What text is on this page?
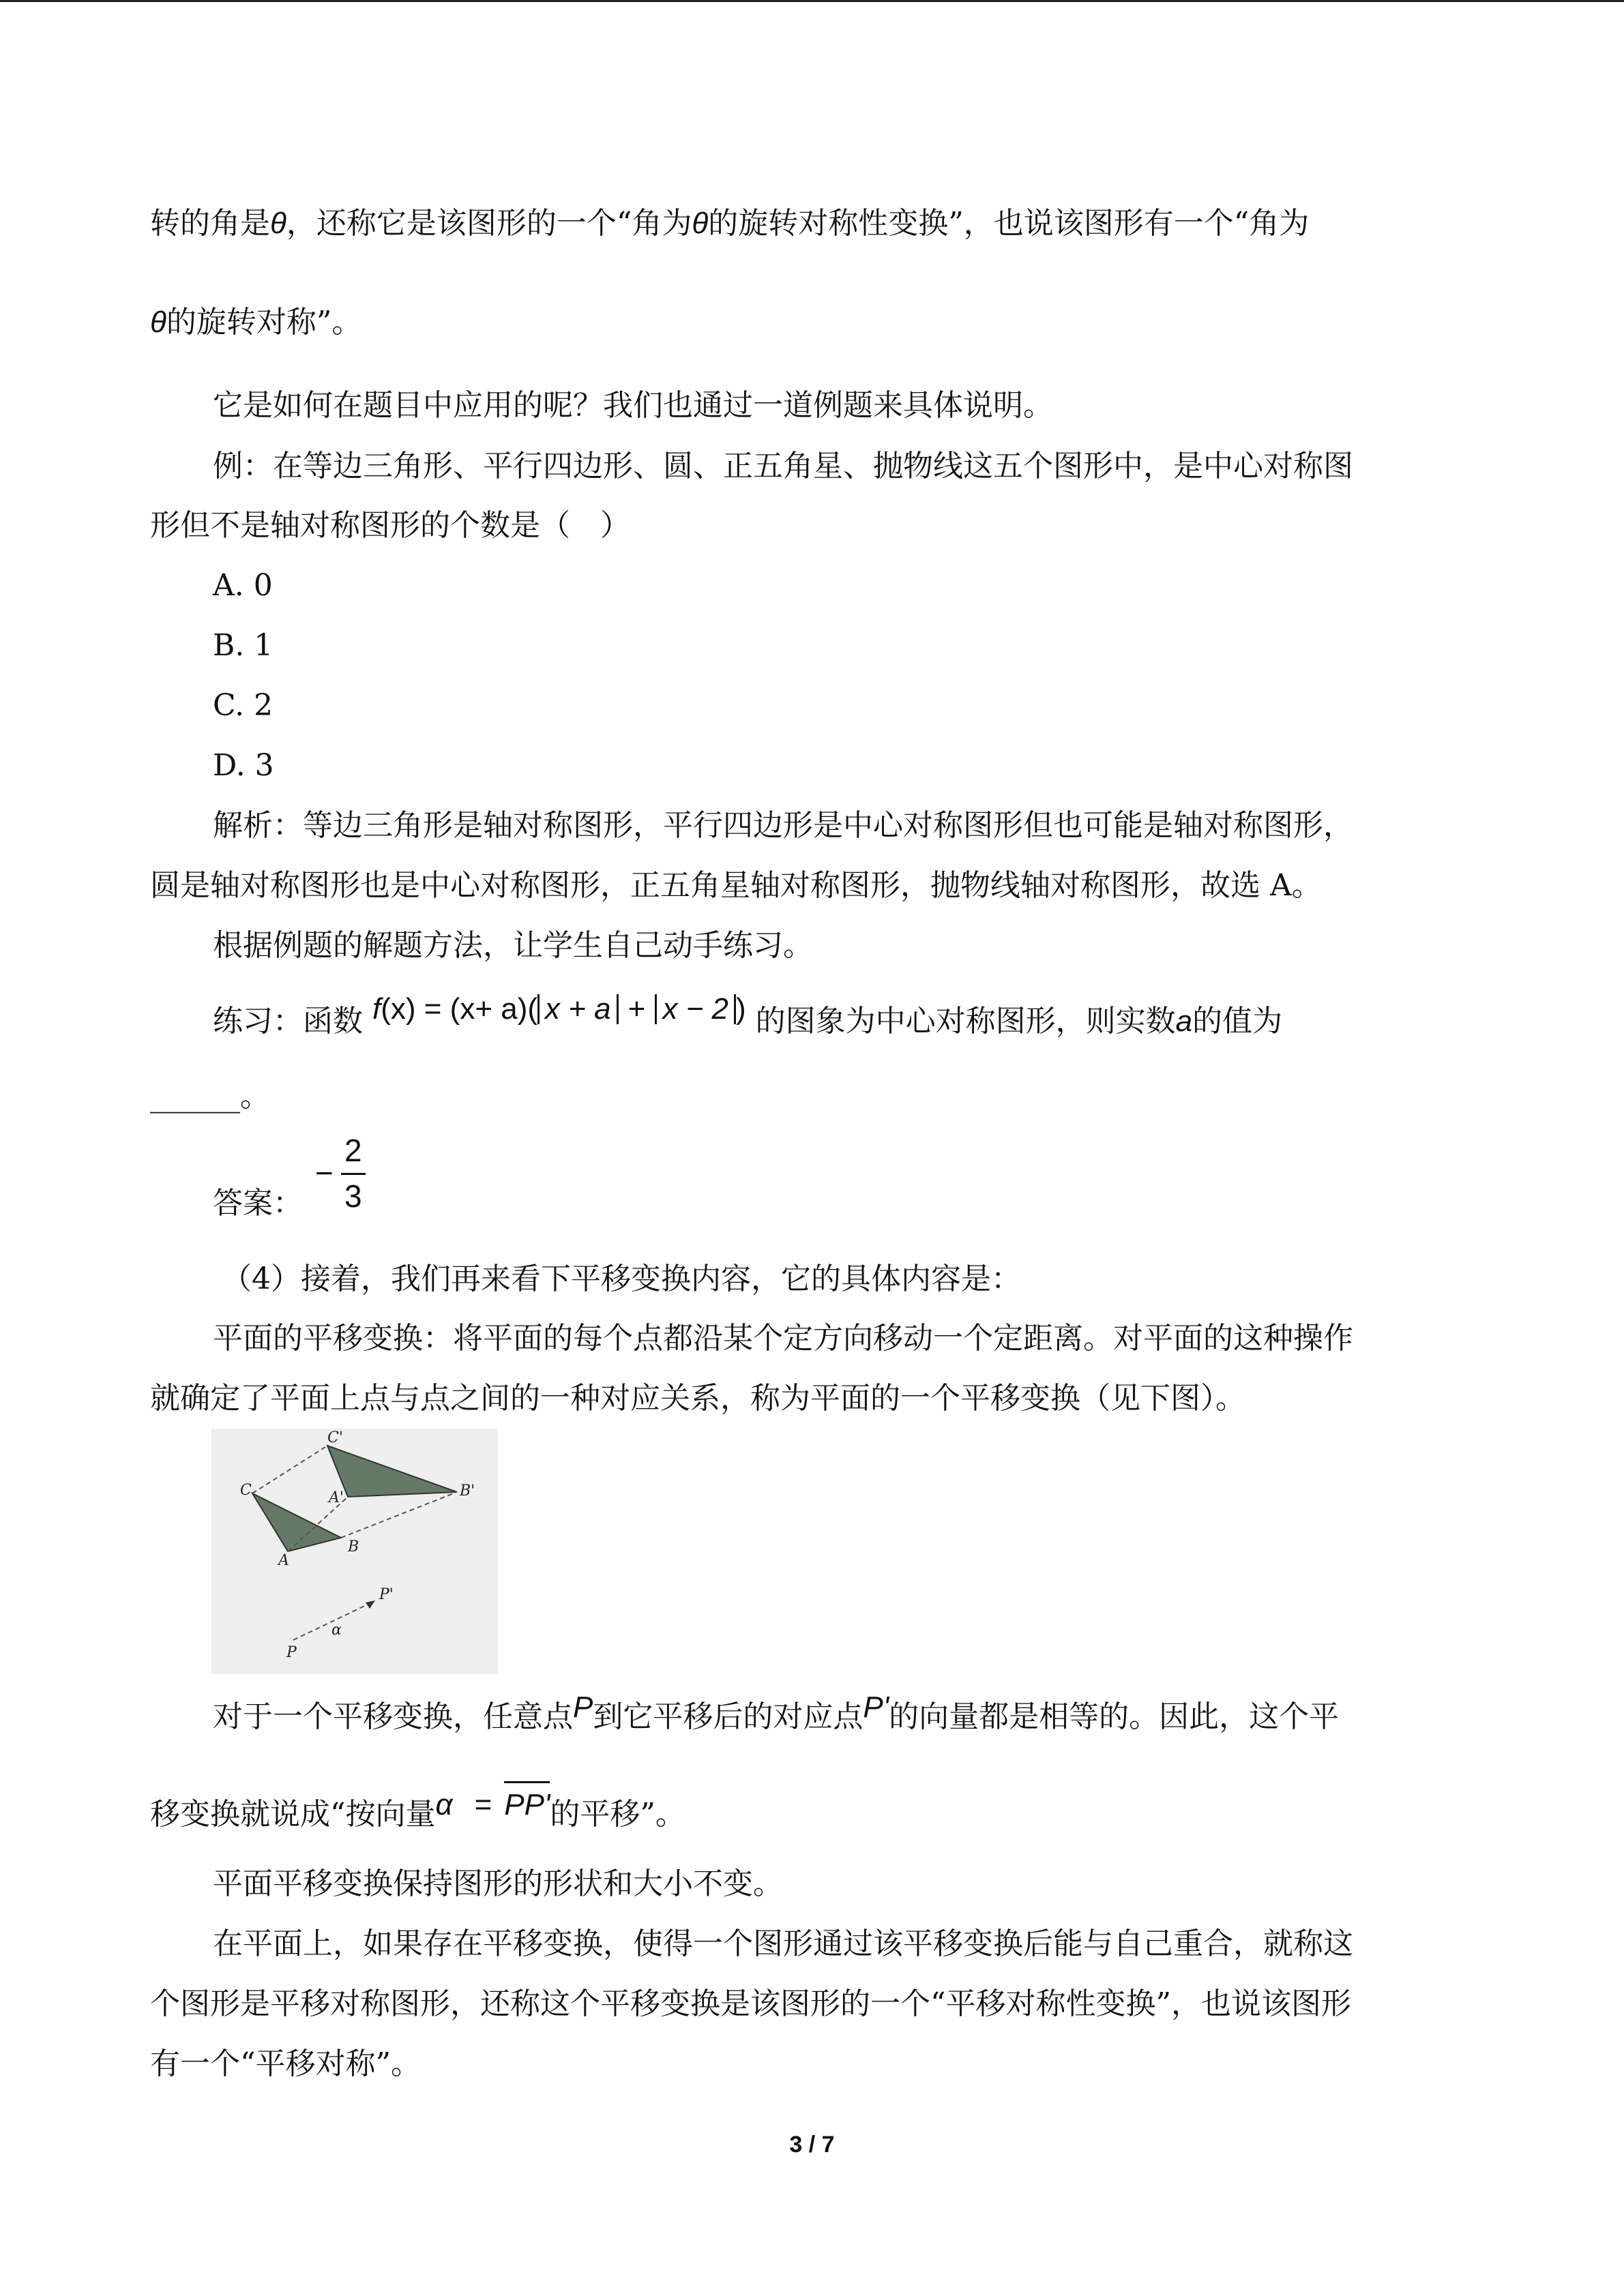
转的角是θ，还称它是该图形的一个“角为θ的旋转对称性变换”，也说该图形有一个“角为
θ的旋转对称”。
它是如何在题目中应用的呢？我们也通过一道例题来具体说明。
例：在等边三角形、平行四边形、圆、正五角星、抛物线这五个图形中，是中心对称图
形但不是轴对称图形的个数是（　）
A. 0
B. 1
C. 2
D. 3
解析：等边三角形是轴对称图形，平行四边形是中心对称图形但也可能是轴对称图形，
圆是轴对称图形也是中心对称图形，正五角星轴对称图形，抛物线轴对称图形，故选 A。
根据例题的解题方法，让学生自己动手练习。
练习：函数 f(x) = (x+ a)( x + a + x − 2 ) 的图象为中心对称图形，则实数a的值为
______。
答案：
−
2
3
（4）接着，我们再来看下平移变换内容，它的具体内容是：
平面的平移变换：将平面的每个点都沿某个定方向移动一个定距离。对平面的这种操作
就确定了平面上点与点之间的一种对应关系，称为平面的一个平移变换（见下图）。
C
C'
A
A'
B
B'
P
P'
α
对于一个平移变换，任意点P到它平移后的对应点P'的向量都是相等的。因此，这个平
移变换就说成“按向量α = PP'的平移”。
平面平移变换保持图形的形状和大小不变。
在平面上，如果存在平移变换，使得一个图形通过该平移变换后能与自己重合，就称这
个图形是平移对称图形，还称这个平移变换是该图形的一个“平移对称性变换”，也说该图形
有一个“平移对称”。
3 / 7
